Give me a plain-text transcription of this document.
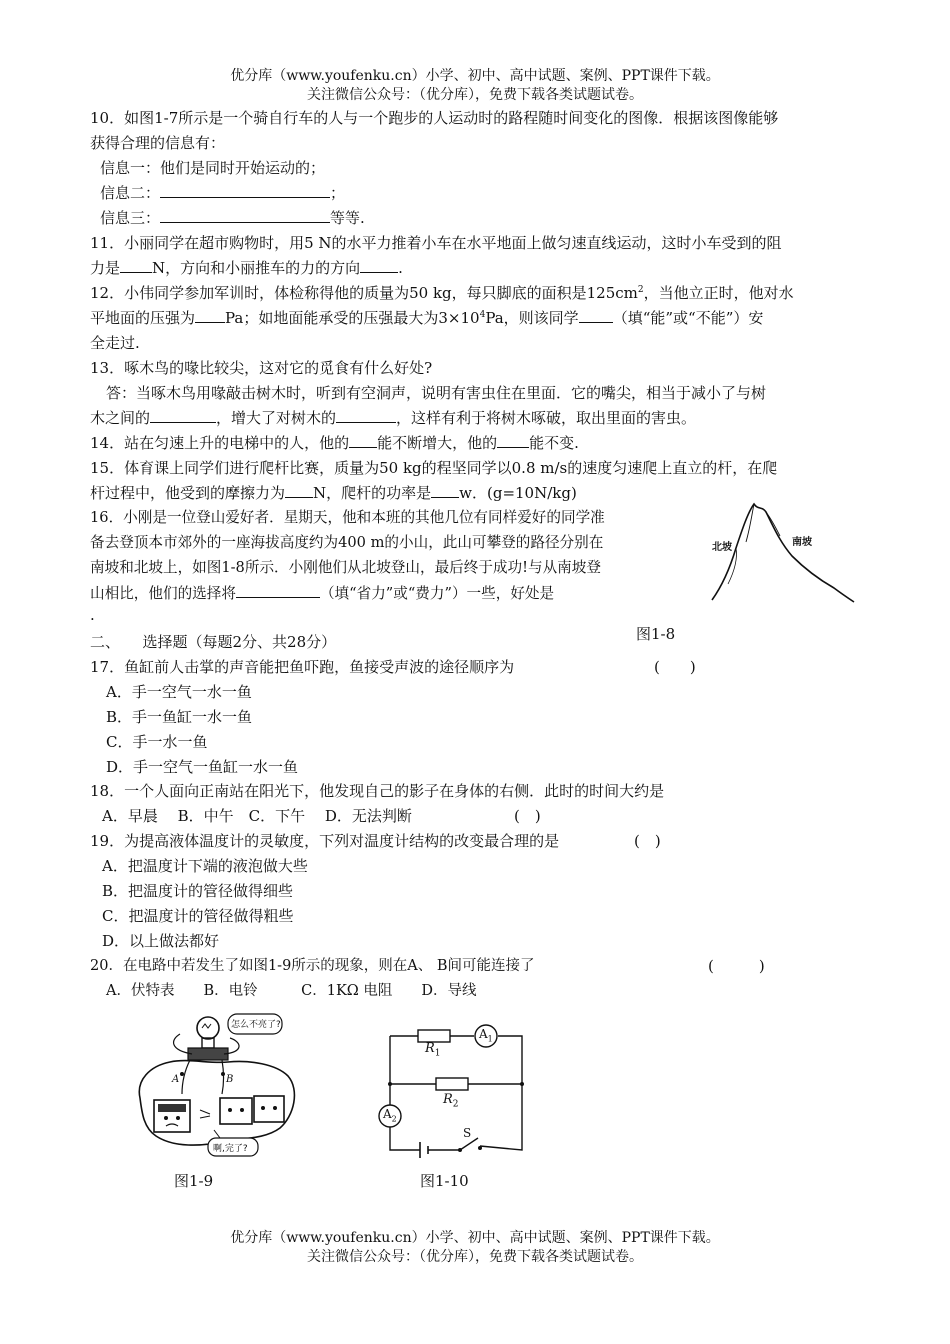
优分库（www.youfenku.cn）小学、初中、高中试题、案例、PPT课件下载。
关注微信公众号：（优分库），免费下载各类试题试卷。
10．如图1-7所示是一个骑自行车的人与一个跑步的人运动时的路程随时间变化的图像．根据该图像能够
获得合理的信息有：
信息一：他们是同时开始运动的；
信息二：	；
信息三：	等等.
11．小丽同学在超市购物时，用5 N的水平力推着小车在水平地面上做匀速直线运动，这时小车受到的阻
力是 N，方向和小丽推车的力的方向	.
12．小伟同学参加军训时，体检称得他的质量为50 kg，每只脚底的面积是$125cm^2$，当他立正时，他对水
平地面的压强为 Pa；如地面能承受的压强最大为$3\times 10^4Pa$，则该同学 （填“能”或“不能”）安
全走过.
13．啄木鸟的喙比较尖，这对它的觅食有什么好处?
答：当啄木鸟用喙敲击树木时，听到有空洞声，说明有害虫住在里面．它的嘴尖，相当于减小了与树
木之间的	，增大了对树木的	，这样有利于将树木啄破，取出里面的害虫。
14．站在匀速上升的电梯中的人，他的 能不断增大，他的 能不变.
15．体育课上同学们进行爬杆比赛，质量为50 kg的程坚同学以0.8 m/s的速度匀速爬上直立的杆，在爬
杆过程中，他受到的摩擦力为 N，爬杆的功率是 w．(g=10N/kg)
16．小刚是一位登山爱好者．星期天，他和本班的其他几位有同样爱好的同学准
备去登顶本市郊外的一座海拔高度约为400 m的小山，此山可攀登的路径分别在
南坡和北坡上，如图1-8所示．小刚他们从北坡登山，最后终于成功!与从南坡登
山相比，他们的选择将	（填“省力”或“费力”）一些，好处是
.
北坡	南坡
图1-8
二、　　选择题（每题2分、共28分）
17．鱼缸前人击掌的声音能把鱼吓跑，鱼接受声波的途径顺序为	(　　)
A．手一空气一水一鱼
B．手一鱼缸一水一鱼
C．手一水一鱼
D．手一空气一鱼缸一水一鱼
18．一个人面向正南站在阳光下，他发现自己的影子在身体的右侧．此时的时间大约是
A．早晨　 B．中午　C．下午　 D．无法判断	(　)
19．为提高液体温度计的灵敏度，下列对温度计结构的改变最合理的是	(　)
A．把温度计下端的液泡做大些
B．把温度计的管径做得细些
C．把温度计的管径做得粗些
D．以上做法都好
20．在电路中若发生了如图1-9所示的现象，则在A、 B间可能连接了	(　　　)
A．伏特表　　B．电铃　　　C．1KΩ 电阻　　D．导线
怎么不亮了?
啊,完了?
A	B
图1-9
$R_1$
$R_2$
$A_1$
$A_2$
S
图1-10
优分库（www.youfenku.cn）小学、初中、高中试题、案例、PPT课件下载。
关注微信公众号：（优分库），免费下载各类试题试卷。
